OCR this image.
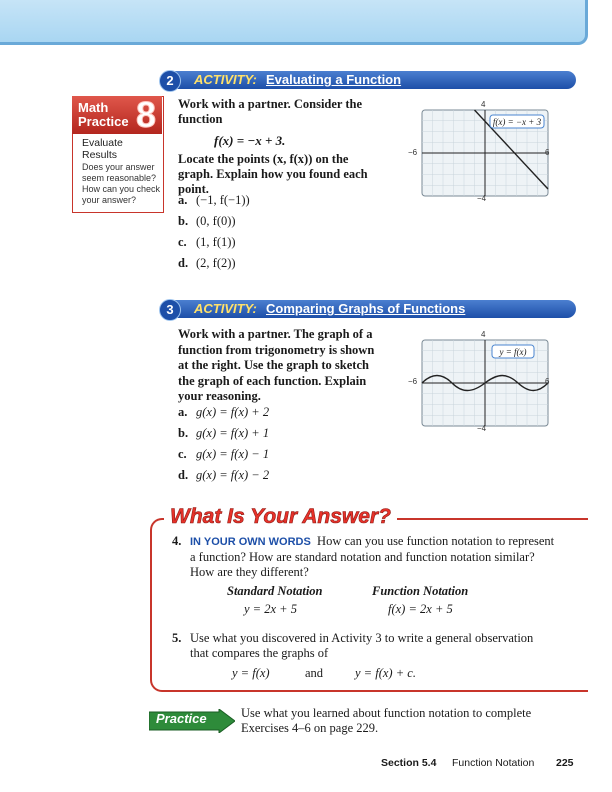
2	ACTIVITY: Evaluating a Function
Math
Practice 8
Evaluate
Results
Does your answer
seem reasonable?
How can you check
your answer?
Work with a partner. Consider the function
f(x) = −x + 3.
Locate the points (x, f(x)) on the graph. Explain how you found each point.
a. (−1, f(−1))
b. (0, f(0))
c. (1, f(1))
d. (2, f(2))
f(x) = −x + 3
4
−4
−6	6
3	ACTIVITY: Comparing Graphs of Functions
Work with a partner. The graph of a function from trigonometry is shown at the right. Use the graph to sketch the graph of each function. Explain your reasoning.
a. g(x) = f(x) + 2
b. g(x) = f(x) + 1
c. g(x) = f(x) − 1
d. g(x) = f(x) − 2
y = f(x)
4
−4
−6	6
What Is Your Answer?
4. IN YOUR OWN WORDS How can you use function notation to represent a function? How are standard notation and function notation similar? How are they different?
Standard Notation	Function Notation
y = 2x + 5	f(x) = 2x + 5
5. Use what you discovered in Activity 3 to write a general observation that compares the graphs of
y = f(x)	and	y = f(x) + c.
Practice	Use what you learned about function notation to complete
Exercises 4–6 on page 229.
Section 5.4 Function Notation 225
